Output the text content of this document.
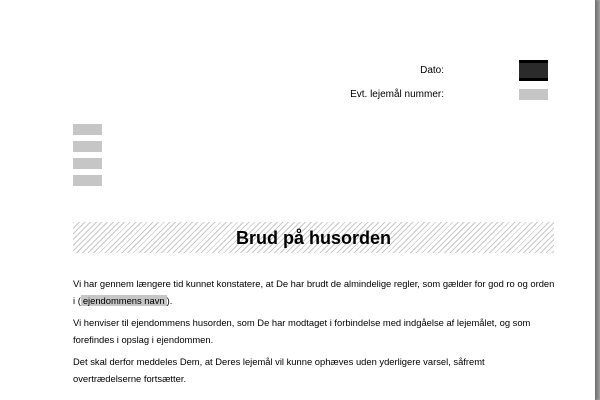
Dato:
Evt. lejemål nummer:
Brud på husorden

Vi har gennem længere tid kunnet konstatere, at De har brudt de almindelige regler, som gælder for god ro og orden i ( ejendommens navn ).

Vi henviser til ejendommens husorden, som De har modtaget i forbindelse med indgåelse af lejemålet, og som forefindes i opslag i ejendommen.

Det skal derfor meddeles Dem, at Deres lejemål vil kunne ophæves uden yderligere varsel, såfremt overtrædelserne fortsætter.
